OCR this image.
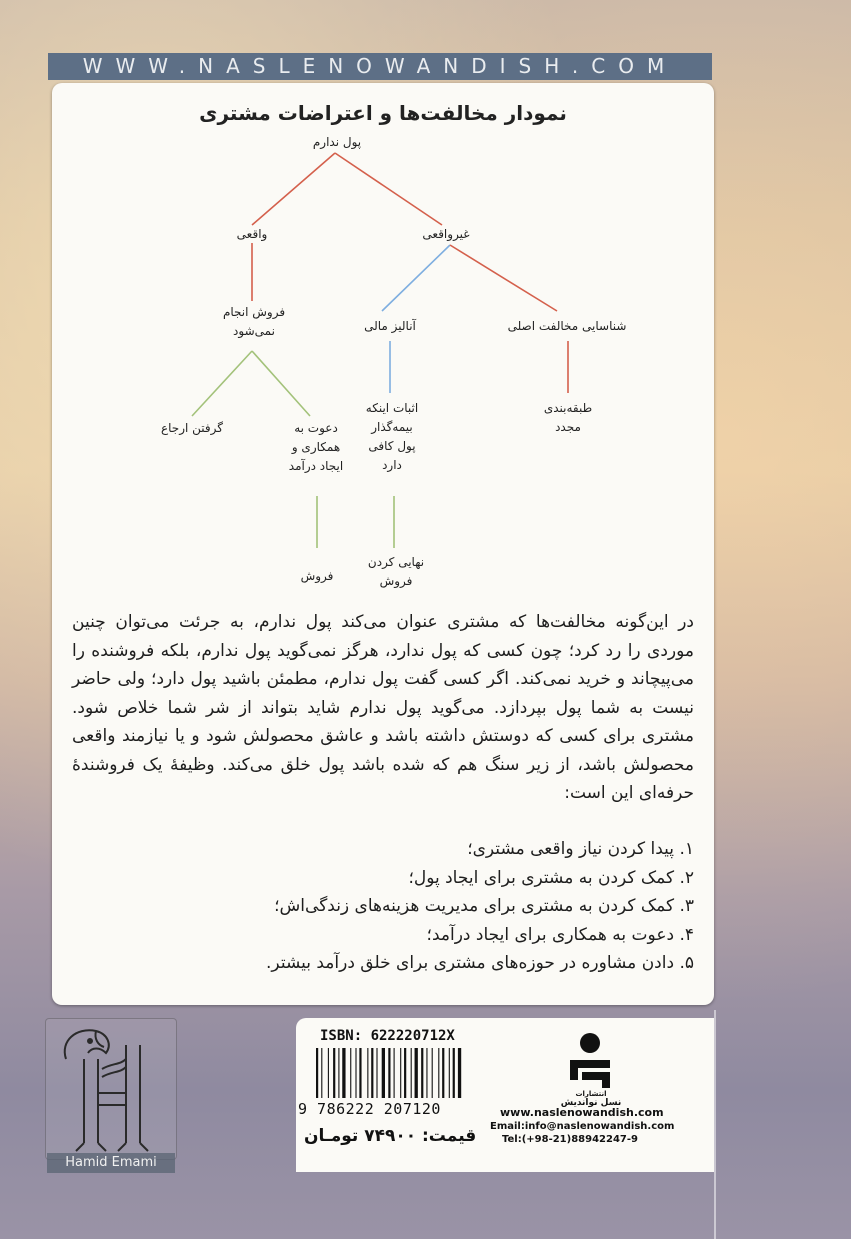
WWW.NASLENOWANDISH.COM
نمودار مخالفت‌ها و اعتراضات مشتری
پول ندارم
واقعی	غیرواقعی
فروش انجام
نمی‌شود	آنالیز مالی	شناسایی مخالفت اصلی
گرفتن ارجاع	دعوت به
همکاری و
ایجاد درآمد
اثبات اینکه
بیمه‌گذار
پول کافی
دارد
طبقه‌بندی
مجدد
فروش
نهایی کردن
فروش
در این‌گونه مخالفت‌ها که مشتری عنوان می‌کند پول ندارم، به جرئت می‌توان چنین موردی را رد کرد؛ چون کسی که پول ندارد، هرگز نمی‌گوید پول ندارم، بلکه فروشنده را می‌پیچاند و خرید نمی‌کند. اگر کسی گفت پول ندارم، مطمئن باشید پول دارد؛ ولی حاضر نیست به شما پول بپردازد. می‌گوید پول ندارم شاید بتواند از شر شما خلاص شود. مشتری برای کسی که دوستش داشته باشد و عاشق محصولش شود و یا نیازمند واقعی محصولش باشد، از زیر سنگ هم که شده باشد پول خلق می‌کند. وظیفهٔ یک فروشندهٔ حرفه‌ای این است:
۱. پیدا کردن نیاز واقعی مشتری؛
۲. کمک کردن به مشتری برای ایجاد پول؛
۳. کمک کردن به مشتری برای مدیریت هزینه‌های زندگی‌اش؛
۴. دعوت به همکاری برای ایجاد درآمد؛
۵. دادن مشاوره در حوزه‌های مشتری برای خلق درآمد بیشتر.
Hamid Emami
ISBN: 622220712X
9 786222 207120
قیمت: ۷۴۹۰۰ تومـان
انتشارات
نسل نواندیش
www.naslenowandish.com
Email:info@naslenowandish.com
Tel:(+98-21)88942247-9
